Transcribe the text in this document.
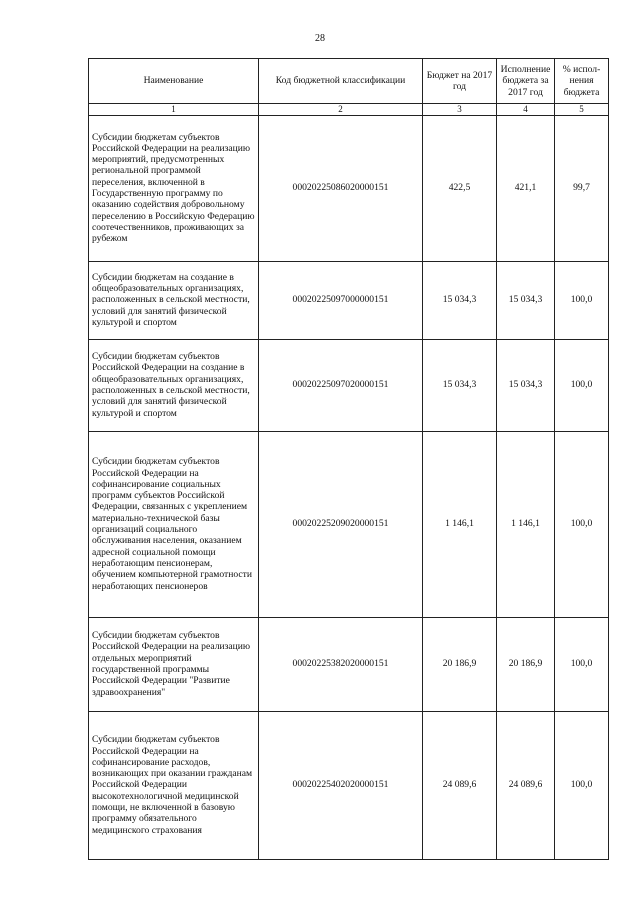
28
Наименование	Код бюджетной классификации	Бюджет на 2017 год	Исполнение бюджета за 2017 год	% испол- нения бюджета
1	2	3	4	5
Субсидии бюджетам субъектов Российской Федерации на реализацию мероприятий, предусмотренных региональной программой переселения, включенной в Государственную программу по оказанию содействия добровольному переселению в Российскую Федерацию соотечественников, проживающих за рубежом	00020225086020000151	422,5	421,1	99,7
Субсидии бюджетам на создание в общеобразовательных организациях, расположенных в сельской местности, условий для занятий физической культурой и спортом	00020225097000000151	15 034,3	15 034,3	100,0
Субсидии бюджетам субъектов Российской Федерации на создание в общеобразовательных организациях, расположенных в сельской местности, условий для занятий физической культурой и спортом	00020225097020000151	15 034,3	15 034,3	100,0
Субсидии бюджетам субъектов Российской Федерации на софинансирование социальных программ субъектов Российской Федерации, связанных с укреплением материально-технической базы организаций социального обслуживания населения, оказанием адресной социальной помощи неработающим пенсионерам, обучением компьютерной грамотности неработающих пенсионеров	00020225209020000151	1 146,1	1 146,1	100,0
Субсидии бюджетам субъектов Российской Федерации на реализацию отдельных мероприятий государственной программы Российской Федерации "Развитие здравоохранения"	00020225382020000151	20 186,9	20 186,9	100,0
Субсидии бюджетам субъектов Российской Федерации на софинансирование расходов, возникающих при оказании гражданам Российской Федерации высокотехнологичной медицинской помощи, не включенной в базовую программу обязательного медицинского страхования	00020225402020000151	24 089,6	24 089,6	100,0
